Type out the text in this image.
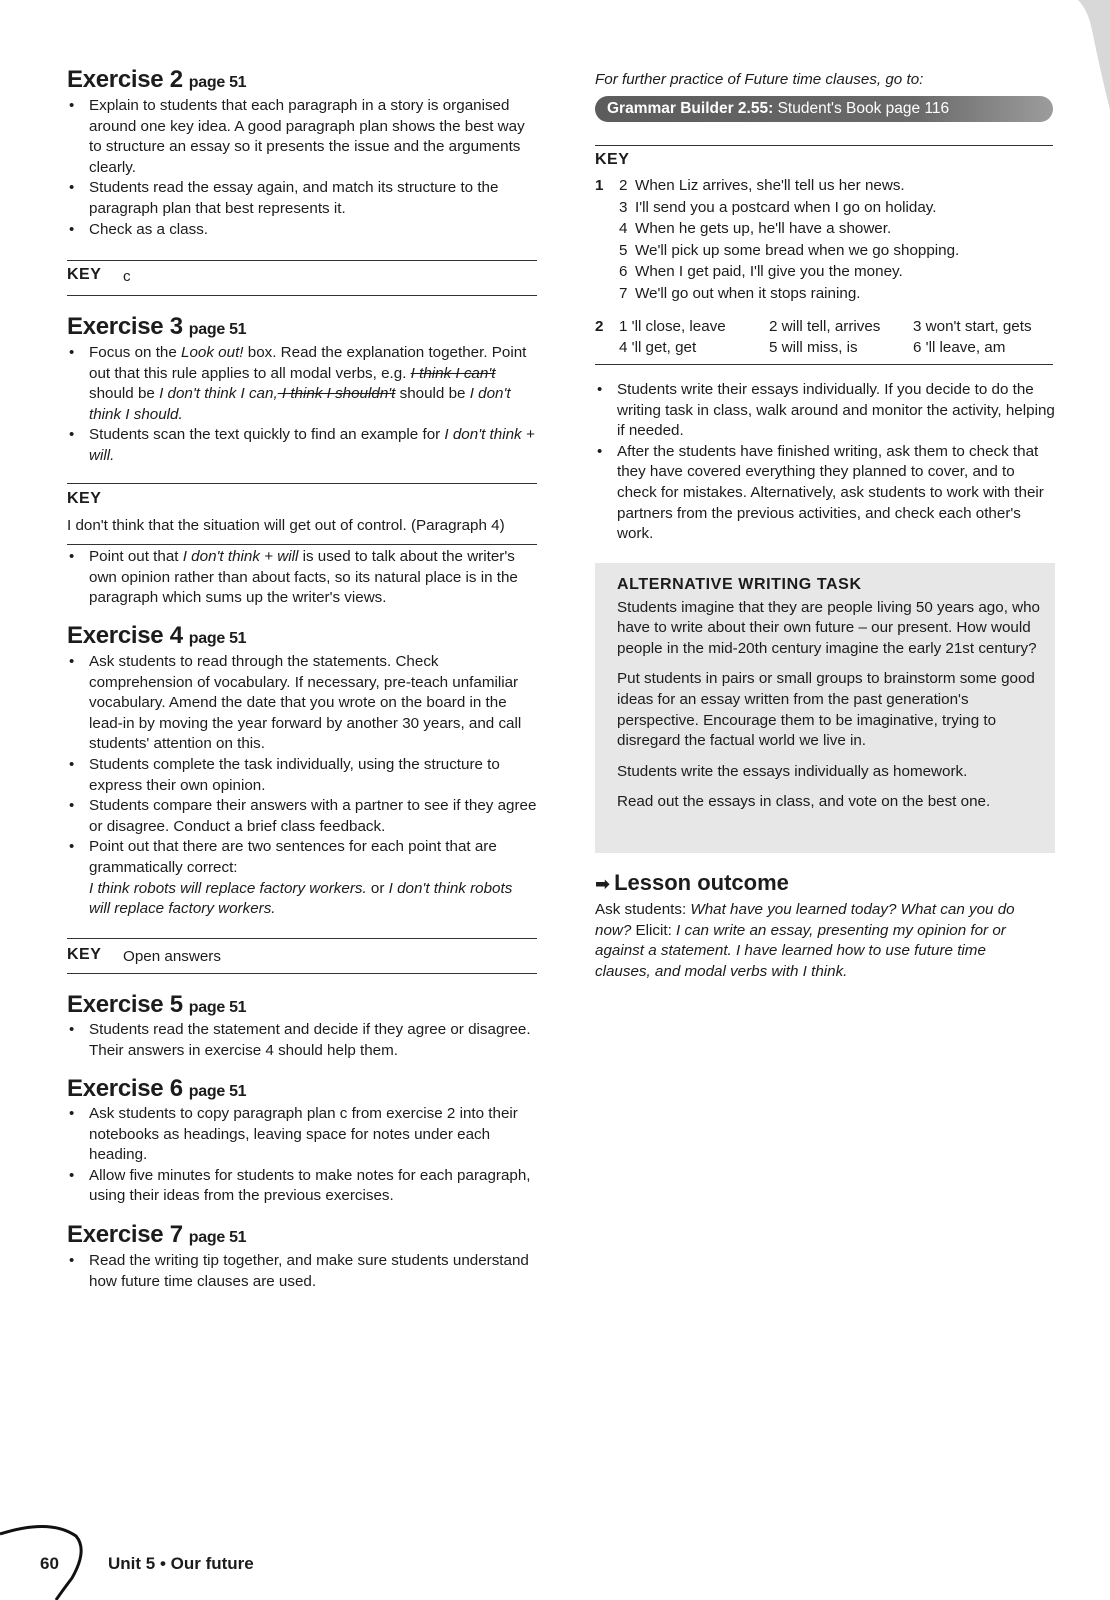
Exercise 2 page 51
• Explain to students that each paragraph in a story is organised around one key idea. A good paragraph plan shows the best way to structure an essay so it presents the issue and the arguments clearly.
• Students read the essay again, and match its structure to the paragraph plan that best represents it.
• Check as a class.
KEY c
Exercise 3 page 51
• Focus on the Look out! box. Read the explanation together. Point out that this rule applies to all modal verbs, e.g. I think I can't should be I don't think I can, I think I shouldn't should be I don't think I should.
• Students scan the text quickly to find an example for I don't think + will.
KEY
I don't think that the situation will get out of control. (Paragraph 4)
• Point out that I don't think + will is used to talk about the writer's own opinion rather than about facts, so its natural place is in the paragraph which sums up the writer's views.
Exercise 4 page 51
• Ask students to read through the statements. Check comprehension of vocabulary. If necessary, pre-teach unfamiliar vocabulary. Amend the date that you wrote on the board in the lead-in by moving the year forward by another 30 years, and call students' attention on this.
• Students complete the task individually, using the structure to express their own opinion.
• Students compare their answers with a partner to see if they agree or disagree. Conduct a brief class feedback.
• Point out that there are two sentences for each point that are grammatically correct:
I think robots will replace factory workers. or I don't think robots will replace factory workers.
KEY Open answers
Exercise 5 page 51
• Students read the statement and decide if they agree or disagree. Their answers in exercise 4 should help them.
Exercise 6 page 51
• Ask students to copy paragraph plan c from exercise 2 into their notebooks as headings, leaving space for notes under each heading.
• Allow five minutes for students to make notes for each paragraph, using their ideas from the previous exercises.
Exercise 7 page 51
• Read the writing tip together, and make sure students understand how future time clauses are used.
For further practice of Future time clauses, go to:
Grammar Builder 2.55: Student's Book page 116
KEY
1 2 When Liz arrives, she'll tell us her news.
3 I'll send you a postcard when I go on holiday.
4 When he gets up, he'll have a shower.
5 We'll pick up some bread when we go shopping.
6 When I get paid, I'll give you the money.
7 We'll go out when it stops raining.
2 1 'll close, leave	2 will tell, arrives 3 won't start, gets
4 'll get, get	5 will miss, is	6 'll leave, am
• Students write their essays individually. If you decide to do the writing task in class, walk around and monitor the activity, helping if needed.
• After the students have finished writing, ask them to check that they have covered everything they planned to cover, and to check for mistakes. Alternatively, ask students to work with their partners from the previous activities, and check each other's work.
ALTERNATIVE WRITING TASK

Students imagine that they are people living 50 years ago, who have to write about their own future – our present. How would people in the mid-20th century imagine the early 21st century?

Put students in pairs or small groups to brainstorm some good ideas for an essay written from the past generation's perspective. Encourage them to be imaginative, trying to disregard the factual world we live in.

Students write the essays individually as homework.

Read out the essays in class, and vote on the best one.

➡ Lesson outcome
Ask students: What have you learned today? What can you do now? Elicit: I can write an essay, presenting my opinion for or against a statement. I have learned how to use future time clauses, and modal verbs with I think.
60	Unit 5 • Our future
